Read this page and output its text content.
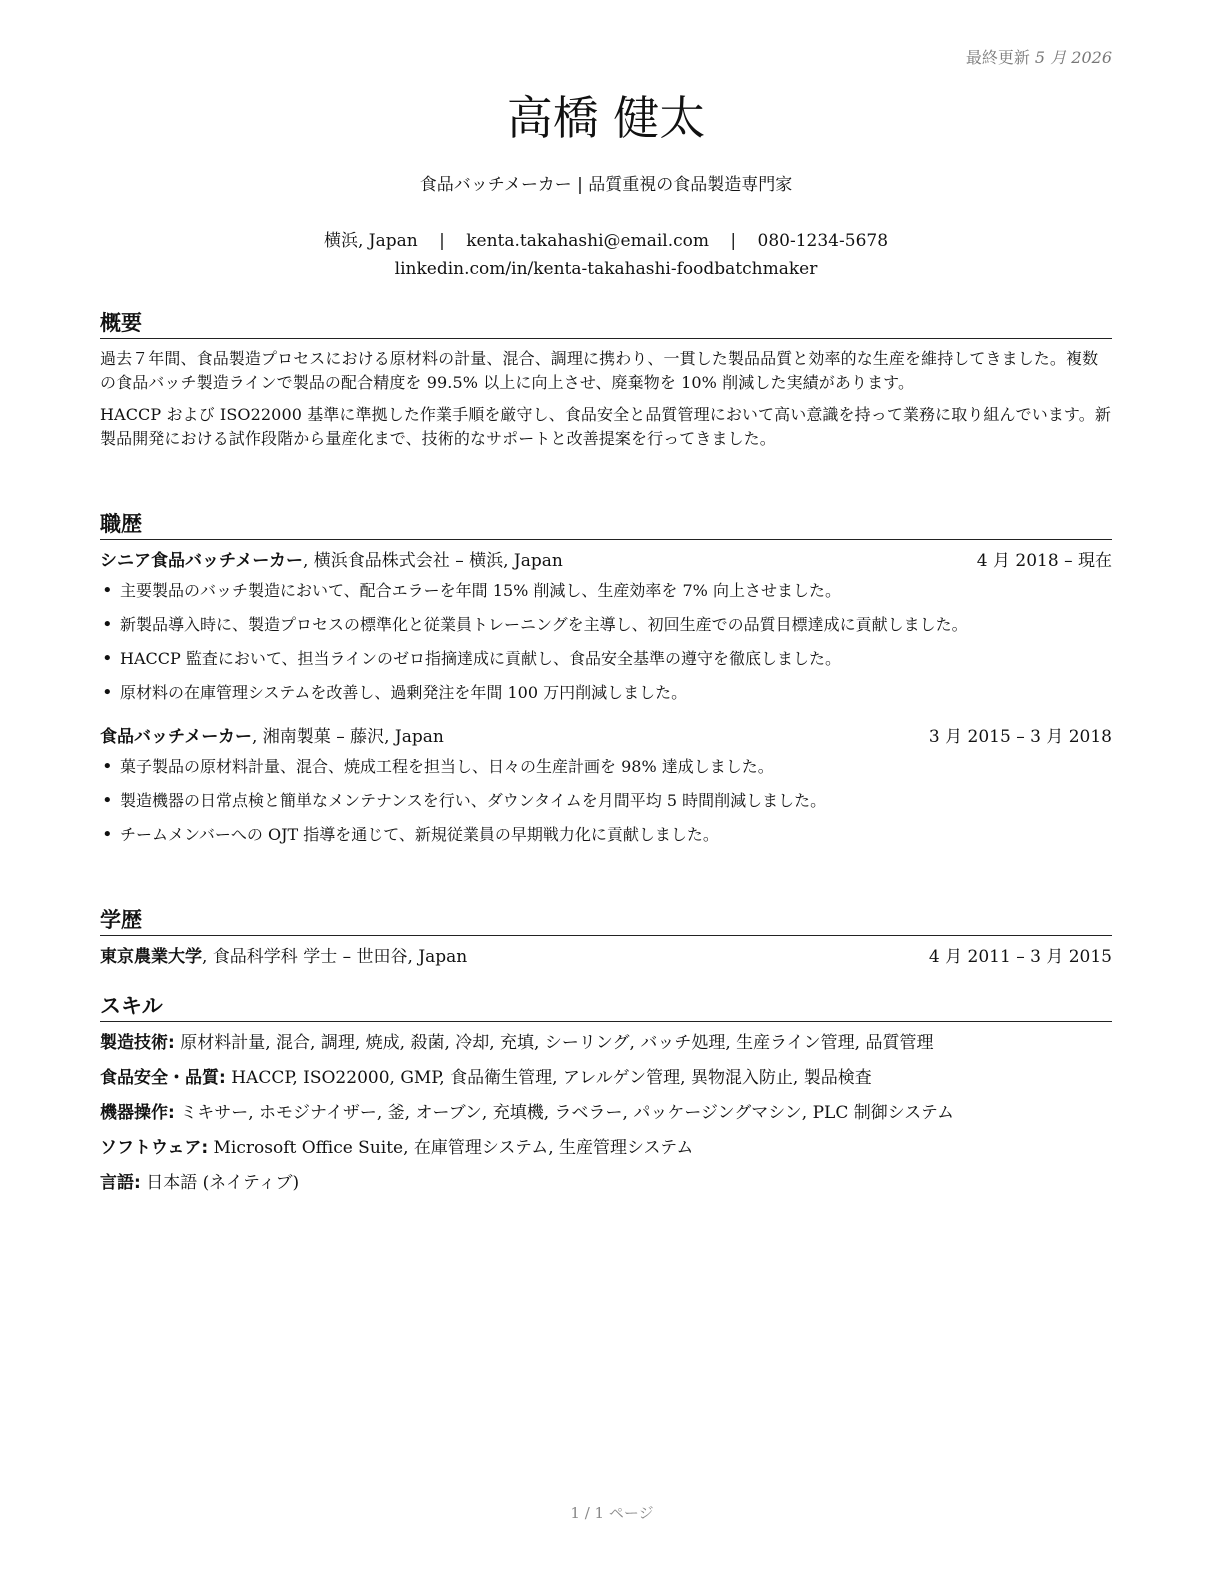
最終更新 5 月 2026
高橋 健太
食品バッチメーカー | 品質重視の食品製造専門家
横浜, Japan | kenta.takahashi@email.com | 080-1234-5678
linkedin.com/in/kenta-takahashi-foodbatchmaker
概要

過去７年間、食品製造プロセスにおける原材料の計量、混合、調理に携わり、一貫した製品品質と効率的な生産を維持してきました。複数の食品バッチ製造ラインで製品の配合精度を 99.5% 以上に向上させ、廃棄物を 10% 削減した実績があります。

HACCP および ISO22000 基準に準拠した作業手順を厳守し、食品安全と品質管理において高い意識を持って業務に取り組んでいます。新製品開発における試作段階から量産化まで、技術的なサポートと改善提案を行ってきました。

職歴
シニア食品バッチメーカー, 横浜食品株式会社 – 横浜, Japan	4 月 2018 – 現在
• 主要製品のバッチ製造において、配合エラーを年間 15% 削減し、生産効率を 7% 向上させました。
• 新製品導入時に、製造プロセスの標準化と従業員トレーニングを主導し、初回生産での品質目標達成に貢献しました。
• HACCP 監査において、担当ラインのゼロ指摘達成に貢献し、食品安全基準の遵守を徹底しました。
• 原材料の在庫管理システムを改善し、過剰発注を年間 100 万円削減しました。
食品バッチメーカー, 湘南製菓 – 藤沢, Japan	3 月 2015 – 3 月 2018
• 菓子製品の原材料計量、混合、焼成工程を担当し、日々の生産計画を 98% 達成しました。
• 製造機器の日常点検と簡単なメンテナンスを行い、ダウンタイムを月間平均 5 時間削減しました。
• チームメンバーへの OJT 指導を通じて、新規従業員の早期戦力化に貢献しました。
学歴
東京農業大学, 食品科学科 学士 – 世田谷, Japan	4 月 2011 – 3 月 2015
スキル
製造技術: 原材料計量, 混合, 調理, 焼成, 殺菌, 冷却, 充填, シーリング, バッチ処理, 生産ライン管理, 品質管理
食品安全・品質: HACCP, ISO22000, GMP, 食品衛生管理, アレルゲン管理, 異物混入防止, 製品検査
機器操作: ミキサー, ホモジナイザー, 釜, オーブン, 充填機, ラベラー, パッケージングマシン, PLC 制御システム
ソフトウェア: Microsoft Office Suite, 在庫管理システム, 生産管理システム
言語: 日本語 (ネイティブ)
1 / 1 ページ
